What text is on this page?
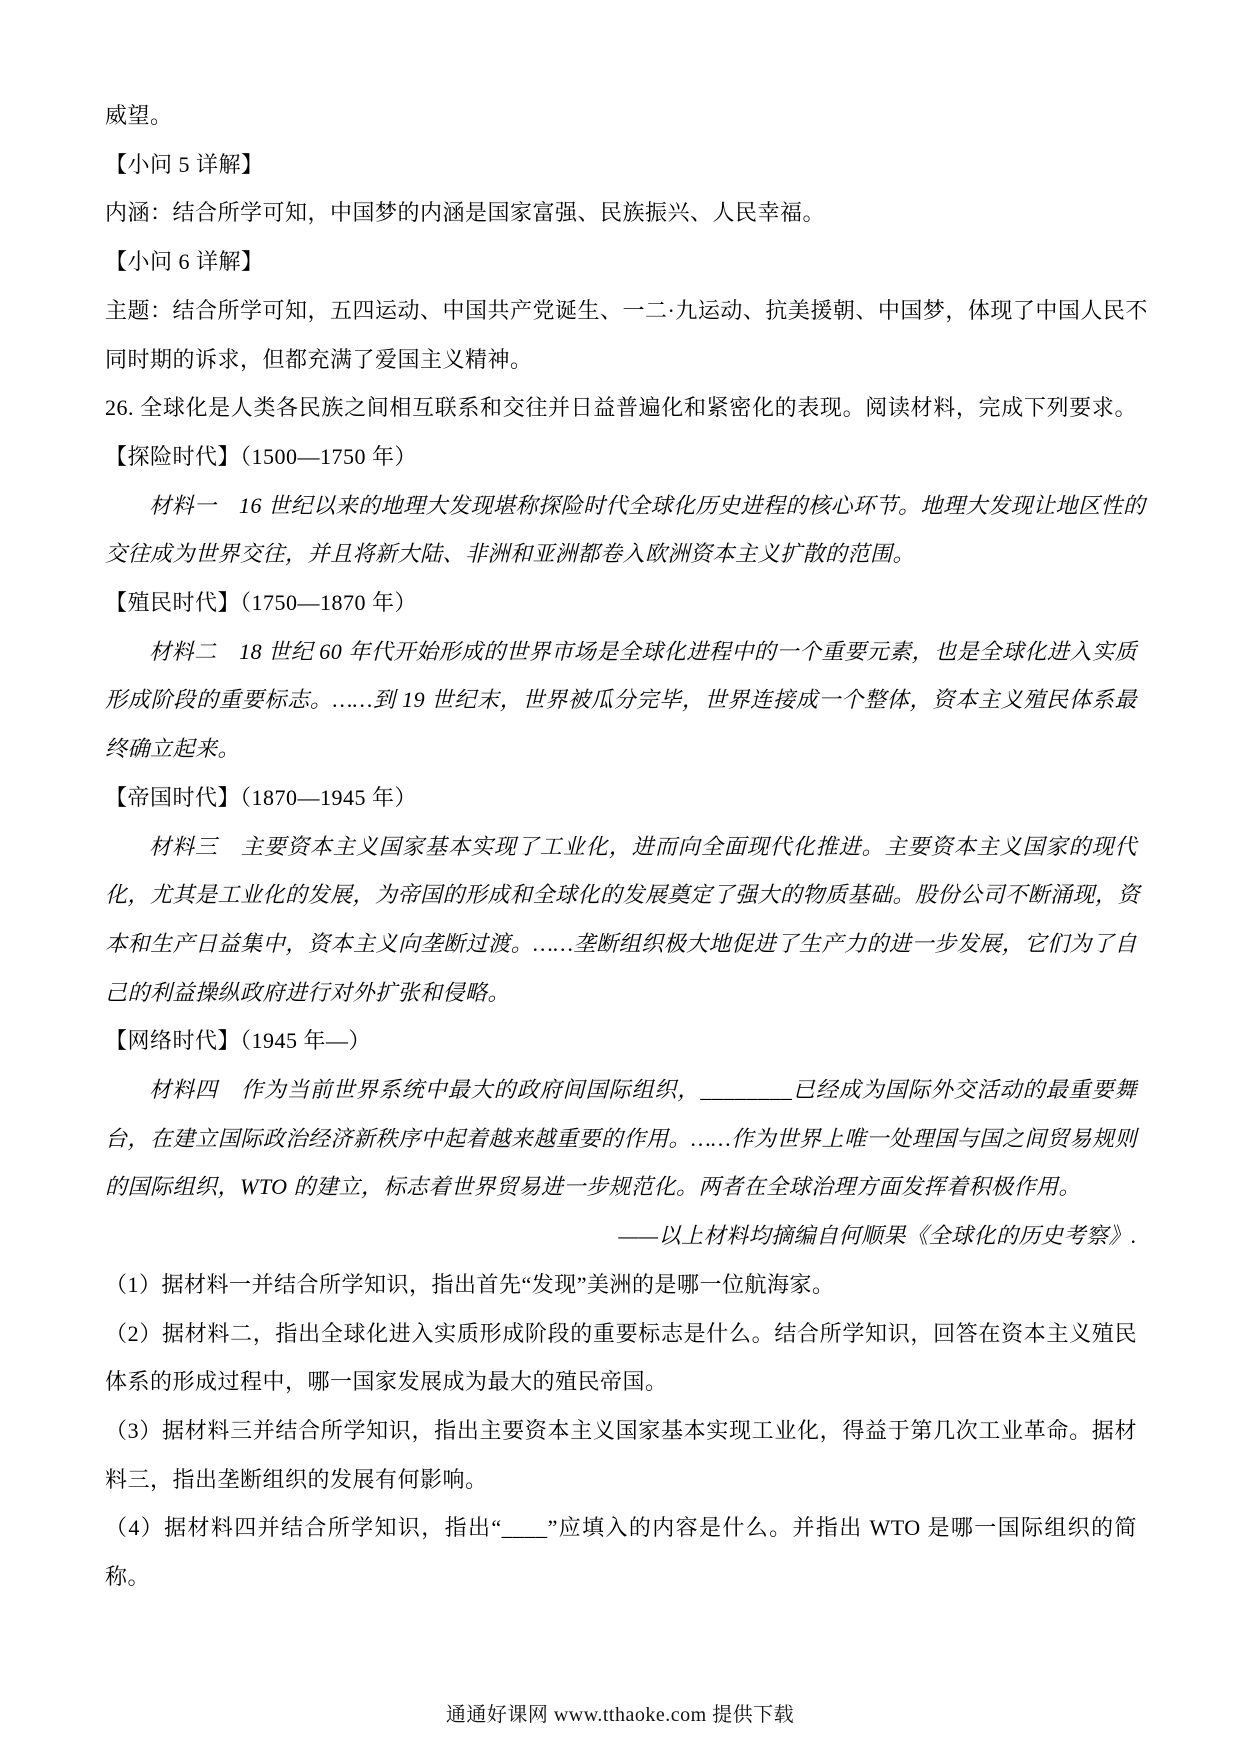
威望。
【小问 5 详解】
内涵：结合所学可知，中国梦的内涵是国家富强、民族振兴、人民幸福。
【小问 6 详解】
主题：结合所学可知，五四运动、中国共产党诞生、一二·九运动、抗美援朝、中国梦，体现了中国人民不
同时期的诉求，但都充满了爱国主义精神。
26. 全球化是人类各民族之间相互联系和交往并日益普遍化和紧密化的表现。阅读材料，完成下列要求。
【探险时代】（1500—1750 年）
材料一　16 世纪以来的地理大发现堪称探险时代全球化历史进程的核心环节。地理大发现让地区性的
交往成为世界交往，并且将新大陆、非洲和亚洲都卷入欧洲资本主义扩散的范围。
【殖民时代】（1750—1870 年）
材料二　18 世纪 60 年代开始形成的世界市场是全球化进程中的一个重要元素，也是全球化进入实质
形成阶段的重要标志。……到 19 世纪末，世界被瓜分完毕，世界连接成一个整体，资本主义殖民体系最
终确立起来。
【帝国时代】（1870—1945 年）
材料三　主要资本主义国家基本实现了工业化，进而向全面现代化推进。主要资本主义国家的现代
化，尤其是工业化的发展，为帝国的形成和全球化的发展奠定了强大的物质基础。股份公司不断涌现，资
本和生产日益集中，资本主义向垄断过渡。……垄断组织极大地促进了生产力的进一步发展，它们为了自
己的利益操纵政府进行对外扩张和侵略。
【网络时代】（1945 年—）
材料四　作为当前世界系统中最大的政府间国际组织，________已经成为国际外交活动的最重要舞
台，在建立国际政治经济新秩序中起着越来越重要的作用。……作为世界上唯一处理国与国之间贸易规则
的国际组织，WTO 的建立，标志着世界贸易进一步规范化。两者在全球治理方面发挥着积极作用。
——以上材料均摘编自何顺果《全球化的历史考察》.
（1）据材料一并结合所学知识，指出首先“发现”美洲的是哪一位航海家。
（2）据材料二，指出全球化进入实质形成阶段的重要标志是什么。结合所学知识，回答在资本主义殖民
体系的形成过程中，哪一国家发展成为最大的殖民帝国。
（3）据材料三并结合所学知识，指出主要资本主义国家基本实现工业化，得益于第几次工业革命。据材
料三，指出垄断组织的发展有何影响。
（4）据材料四并结合所学知识，指出“____”应填入的内容是什么。并指出 WTO 是哪一国际组织的简
称。
通通好课网 www.tthaoke.com 提供下载
